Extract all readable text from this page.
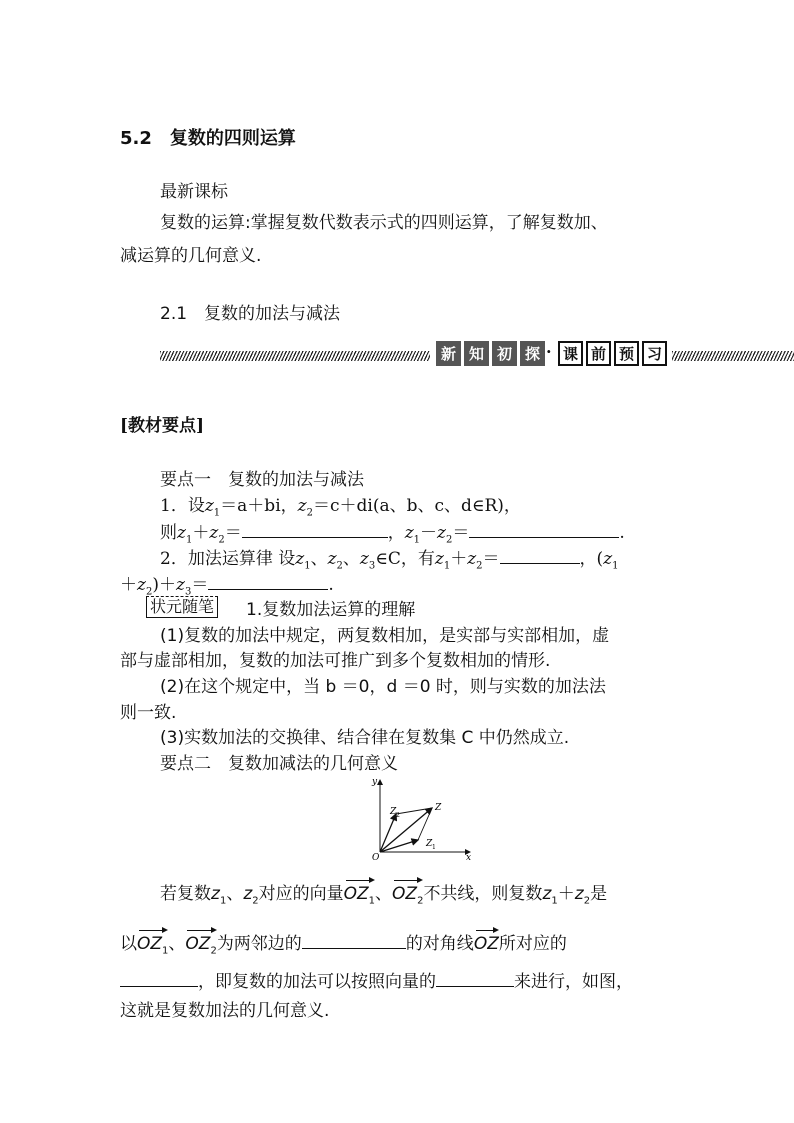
5.2　复数的四则运算
最新课标
复数的运算:掌握复数代数表示式的四则运算，了解复数加、
减运算的几何意义.
2.1　复数的加法与减法
新 知 初 探 · 课 前 预 习
[教材要点]
要点一　复数的加法与减法
1．设$z_1=a+bi$，$z_2=c+di(a$、b、c、d∈R)，
则$z_1+z_2=$	，$z_1-z_2=$	.
2．加法运算律 设$z_1$、$z_2$、$z_3\in C$，有$z_1+z_2=$	，($z_1$
$+z_2)+z_3=$	.
状元随笔 1.复数加法运算的理解
(1)复数的加法中规定，两复数相加，是实部与实部相加，虚
部与虚部相加，复数的加法可推广到多个复数相加的情形.
(2)在这个规定中，当 b ＝0，d ＝0 时，则与实数的加法法
则一致.
(3)实数加法的交换律、结合律在复数集 C 中仍然成立.
要点二　复数加减法的几何意义
y
x
O
Z
Z 2
Z 1
若复数$z_1$、$z_2$对应的向量$OZ_1$、$OZ_2$不共线，则复数$z_1+z_2$是
以$OZ_1$、$OZ_2$为两邻边的	的对角线OZ所对应的
，即复数的加法可以按照向量的	来进行，如图，
这就是复数加法的几何意义.
